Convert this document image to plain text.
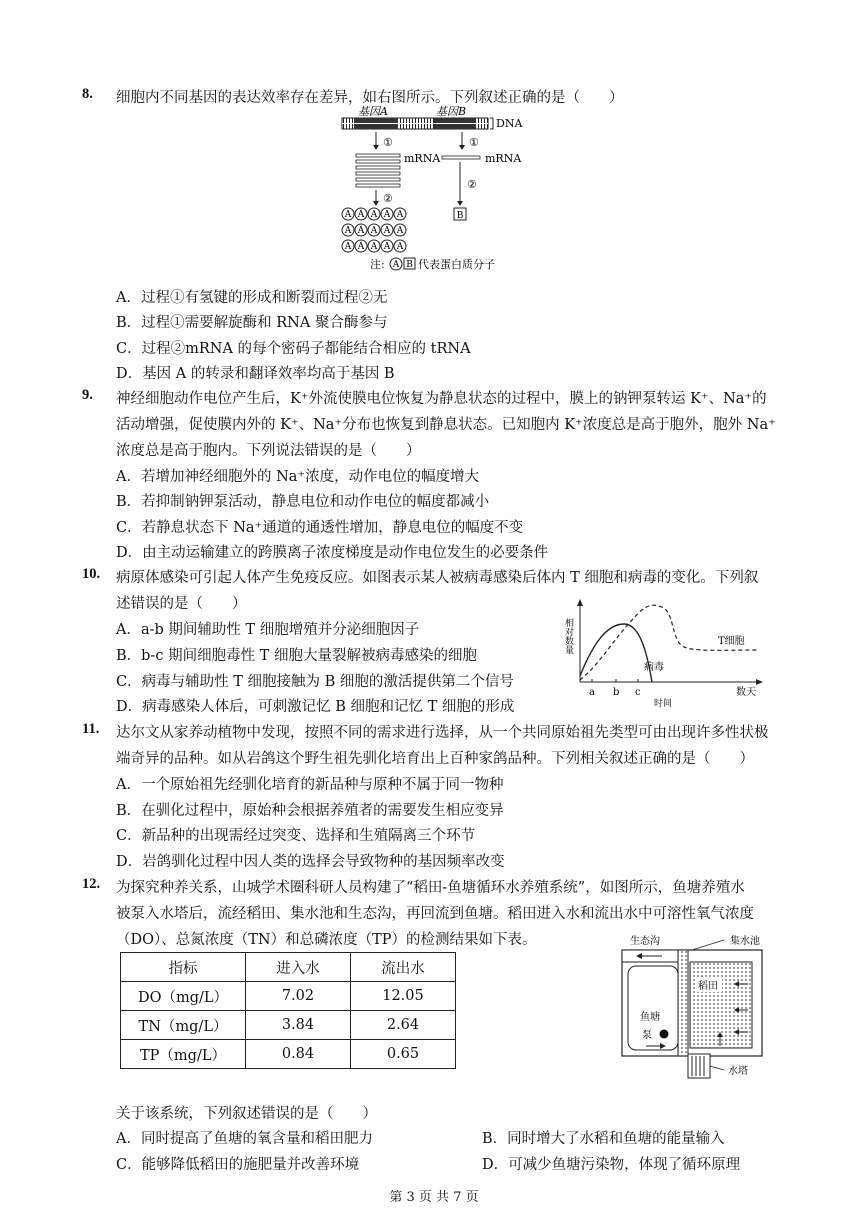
8. 细胞内不同基因的表达效率存在差异，如右图所示。下列叙述正确的是（　　）
基因A	基因B
DNA
①	①
mRNA	mRNA
②
②
A A A A A
A A A A A
A A A A A
B
注: A B 代表蛋白质分子
A．过程①有氢键的形成和断裂而过程②无
B．过程①需要解旋酶和 RNA 聚合酶参与
C．过程②mRNA 的每个密码子都能结合相应的 tRNA
D．基因 A 的转录和翻译效率均高于基因 B
9. 神经细胞动作电位产生后，K⁺外流使膜电位恢复为静息状态的过程中，膜上的钠钾泵转运 K⁺、Na⁺的
活动增强，促使膜内外的 K⁺、Na⁺分布也恢复到静息状态。已知胞内 K⁺浓度总是高于胞外，胞外 Na⁺
浓度总是高于胞内。下列说法错误的是（　　）
A．若增加神经细胞外的 Na⁺浓度，动作电位的幅度增大
B．若抑制钠钾泵活动，静息电位和动作电位的幅度都减小
C．若静息状态下 Na⁺通道的通透性增加，静息电位的幅度不变
D．由主动运输建立的跨膜离子浓度梯度是动作电位发生的必要条件
10. 病原体感染可引起人体产生免疫反应。如图表示某人被病毒感染后体内 T 细胞和病毒的变化。下列叙
述错误的是（　　）
A．a-b 期间辅助性 T 细胞增殖并分泌细胞因子
B．b-c 期间细胞毒性 T 细胞大量裂解被病毒感染的细胞
C．病毒与辅助性 T 细胞接触为 B 细胞的激活提供第二个信号
D．病毒感染人体后，可刺激记忆 B 细胞和记忆 T 细胞的形成
相对数量	T细胞
病毒
a b c	数天
时间
11. 达尔文从家养动植物中发现，按照不同的需求进行选择，从一个共同原始祖先类型可由出现许多性状极
端奇异的品种。如从岩鸽这个野生祖先驯化培育出上百种家鸽品种。下列相关叙述正确的是（　　）
A．一个原始祖先经驯化培育的新品种与原种不属于同一物种
B．在驯化过程中，原始种会根据养殖者的需要发生相应变异
C．新品种的出现需经过突变、选择和生殖隔离三个环节
D．岩鸽驯化过程中因人类的选择会导致物种的基因频率改变
12. 为探究种养关系，山城学术圈科研人员构建了“稻田-鱼塘循环水养殖系统”，如图所示，鱼塘养殖水
被泵入水塔后，流经稻田、集水池和生态沟，再回流到鱼塘。稻田进入水和流出水中可溶性氧气浓度
（DO）、总氮浓度（TN）和总磷浓度（TP）的检测结果如下表。
指标	进入水	流出水
DO（mg/L）	7.02	12.05
TN（mg/L）	3.84	2.64
TP（mg/L）	0.84	0.65
生态沟	集水池
鱼塘
泵
稻田
水塔
关于该系统，下列叙述错误的是（　　）
A．同时提高了鱼塘的氧含量和稻田肥力	B．同时增大了水稻和鱼塘的能量输入
C．能够降低稻田的施肥量并改善环境	D．可减少鱼塘污染物，体现了循环原理
第 3 页 共 7 页
